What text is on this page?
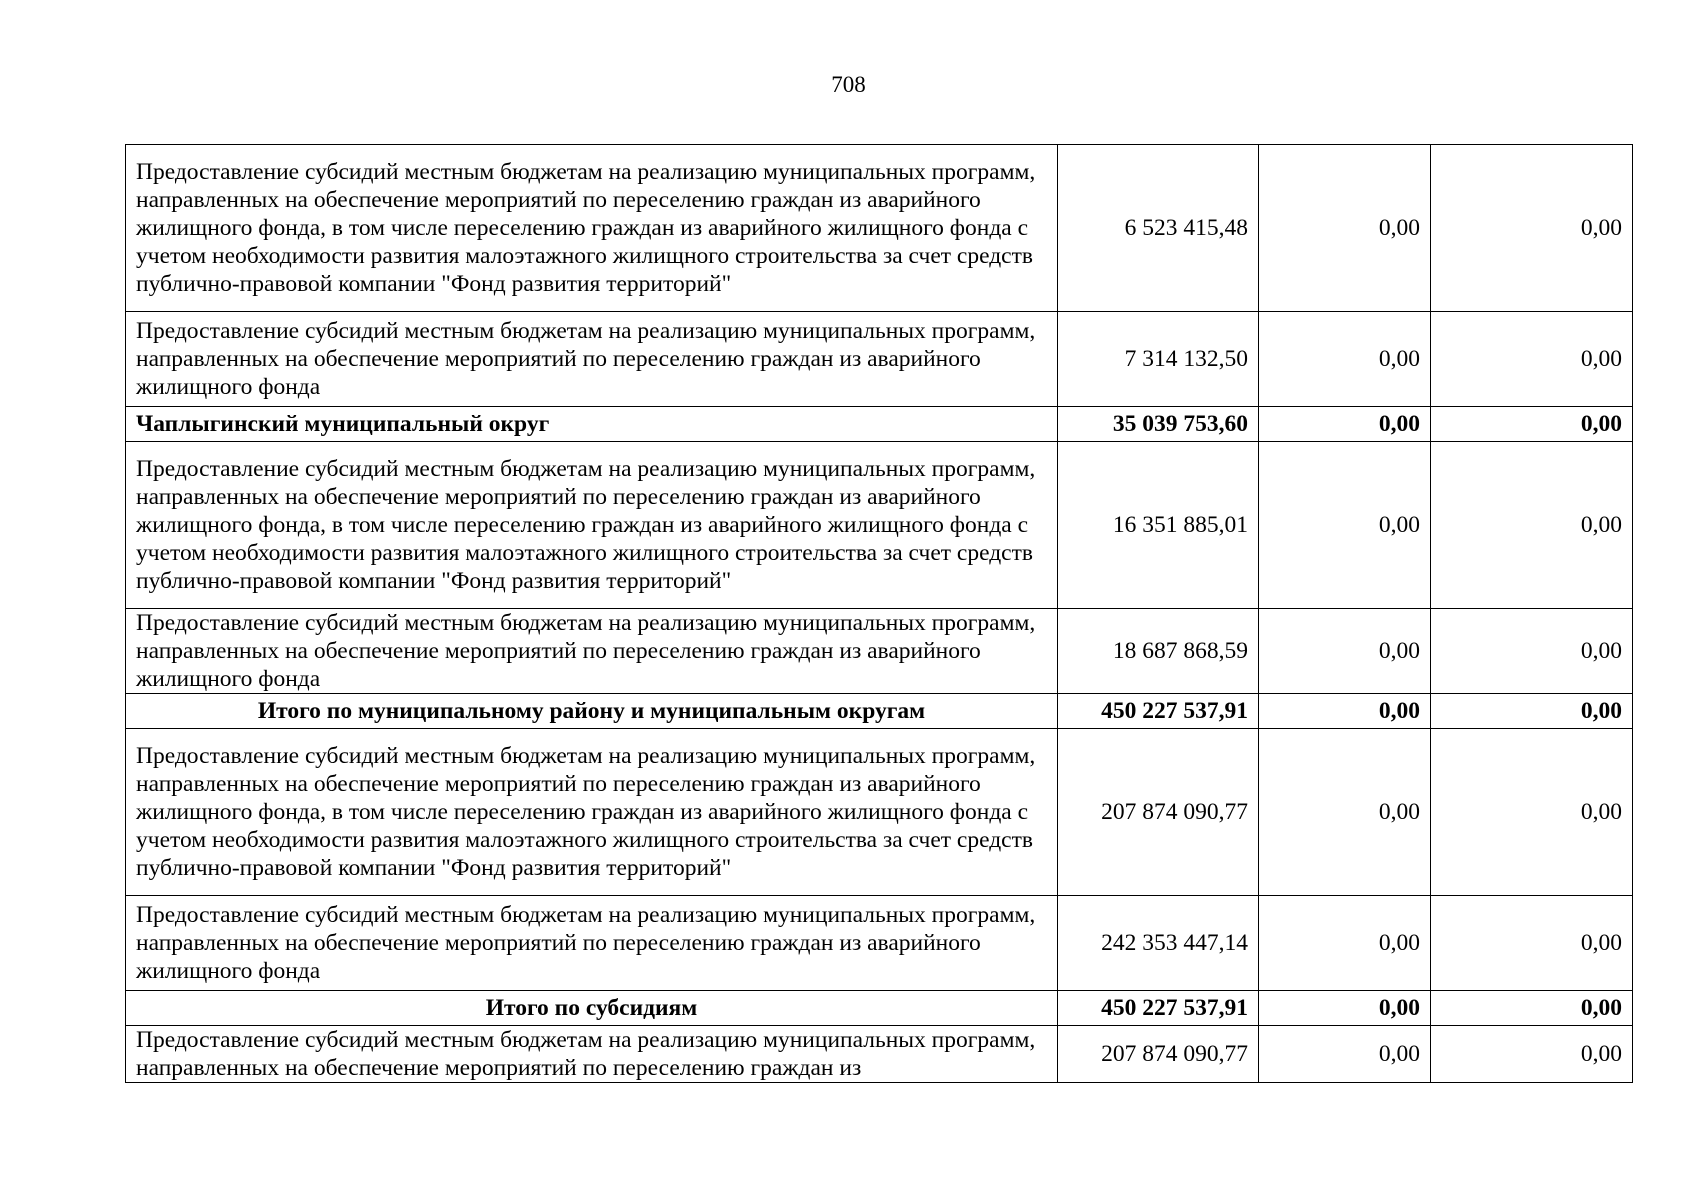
708
Предоставление субсидий местным бюджетам на реализацию муниципальных программ, направленных на обеспечение мероприятий по переселению граждан из аварийного жилищного фонда, в том числе переселению граждан из аварийного жилищного фонда с учетом необходимости развития малоэтажного жилищного строительства за счет средств публично-правовой компании "Фонд развития территорий"	6 523 415,48	0,00	0,00
Предоставление субсидий местным бюджетам на реализацию муниципальных программ, направленных на обеспечение мероприятий по переселению граждан из аварийного жилищного фонда	7 314 132,50	0,00	0,00
Чаплыгинский муниципальный округ	35 039 753,60	0,00	0,00
Предоставление субсидий местным бюджетам на реализацию муниципальных программ, направленных на обеспечение мероприятий по переселению граждан из аварийного жилищного фонда, в том числе переселению граждан из аварийного жилищного фонда с учетом необходимости развития малоэтажного жилищного строительства за счет средств публично-правовой компании "Фонд развития территорий"	16 351 885,01	0,00	0,00
Предоставление субсидий местным бюджетам на реализацию муниципальных программ, направленных на обеспечение мероприятий по переселению граждан из аварийного жилищного фонда	18 687 868,59	0,00	0,00
Итого по муниципальному району и муниципальным округам	450 227 537,91	0,00	0,00
Предоставление субсидий местным бюджетам на реализацию муниципальных программ, направленных на обеспечение мероприятий по переселению граждан из аварийного жилищного фонда, в том числе переселению граждан из аварийного жилищного фонда с учетом необходимости развития малоэтажного жилищного строительства за счет средств публично-правовой компании "Фонд развития территорий"	207 874 090,77	0,00	0,00
Предоставление субсидий местным бюджетам на реализацию муниципальных программ, направленных на обеспечение мероприятий по переселению граждан из аварийного жилищного фонда	242 353 447,14	0,00	0,00
Итого по субсидиям	450 227 537,91	0,00	0,00
Предоставление субсидий местным бюджетам на реализацию муниципальных программ, направленных на обеспечение мероприятий по переселению граждан из	207 874 090,77	0,00	0,00
